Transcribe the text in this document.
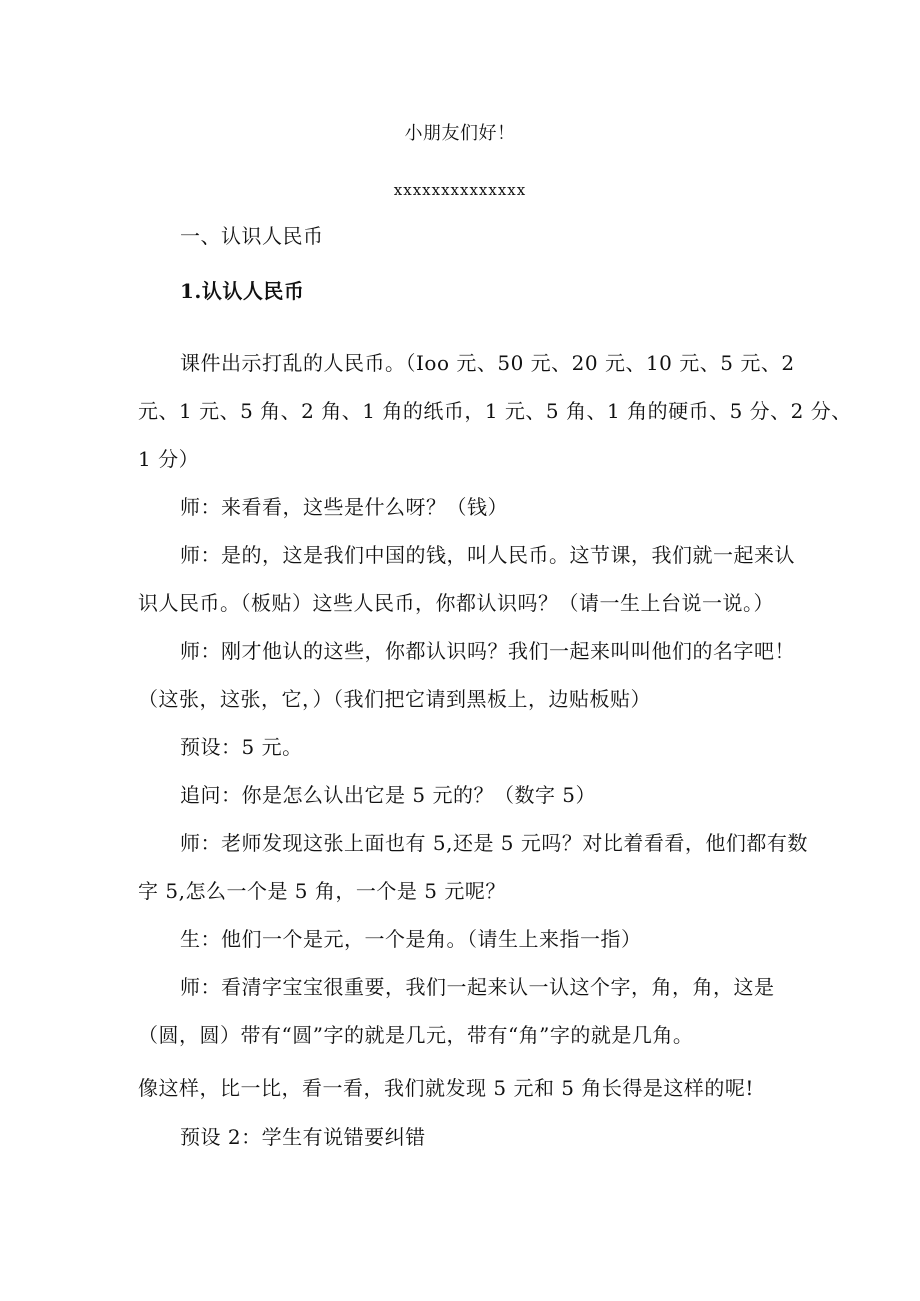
小朋友们好！
xxxxxxxxxxxxxx
一、认识人民币
1.认认人民币
课件出示打乱的人民币。（Ioo 元、50 元、20 元、10 元、5 元、2
元、1 元、5 角、2 角、1 角的纸币，1 元、5 角、1 角的硬币、5 分、2 分、
1 分）
师：来看看，这些是什么呀？（钱）
师：是的，这是我们中国的钱，叫人民币。这节课，我们就一起来认
识人民币。（板贴）这些人民币，你都认识吗？（请一生上台说一说。）
师：刚才他认的这些，你都认识吗？我们一起来叫叫他们的名字吧！
（这张，这张，它，）（我们把它请到黑板上，边贴板贴）
预设：5 元。
追问：你是怎么认出它是 5 元的？（数字 5）
师：老师发现这张上面也有 5,还是 5 元吗？对比着看看，他们都有数
字 5,怎么一个是 5 角，一个是 5 元呢？
生：他们一个是元，一个是角。（请生上来指一指）
师：看清字宝宝很重要，我们一起来认一认这个字，角，角，这是
（圆，圆）带有“圆”字的就是几元，带有“角”字的就是几角。
像这样，比一比，看一看，我们就发现 5 元和 5 角长得是这样的呢!
预设 2：学生有说错要纠错
